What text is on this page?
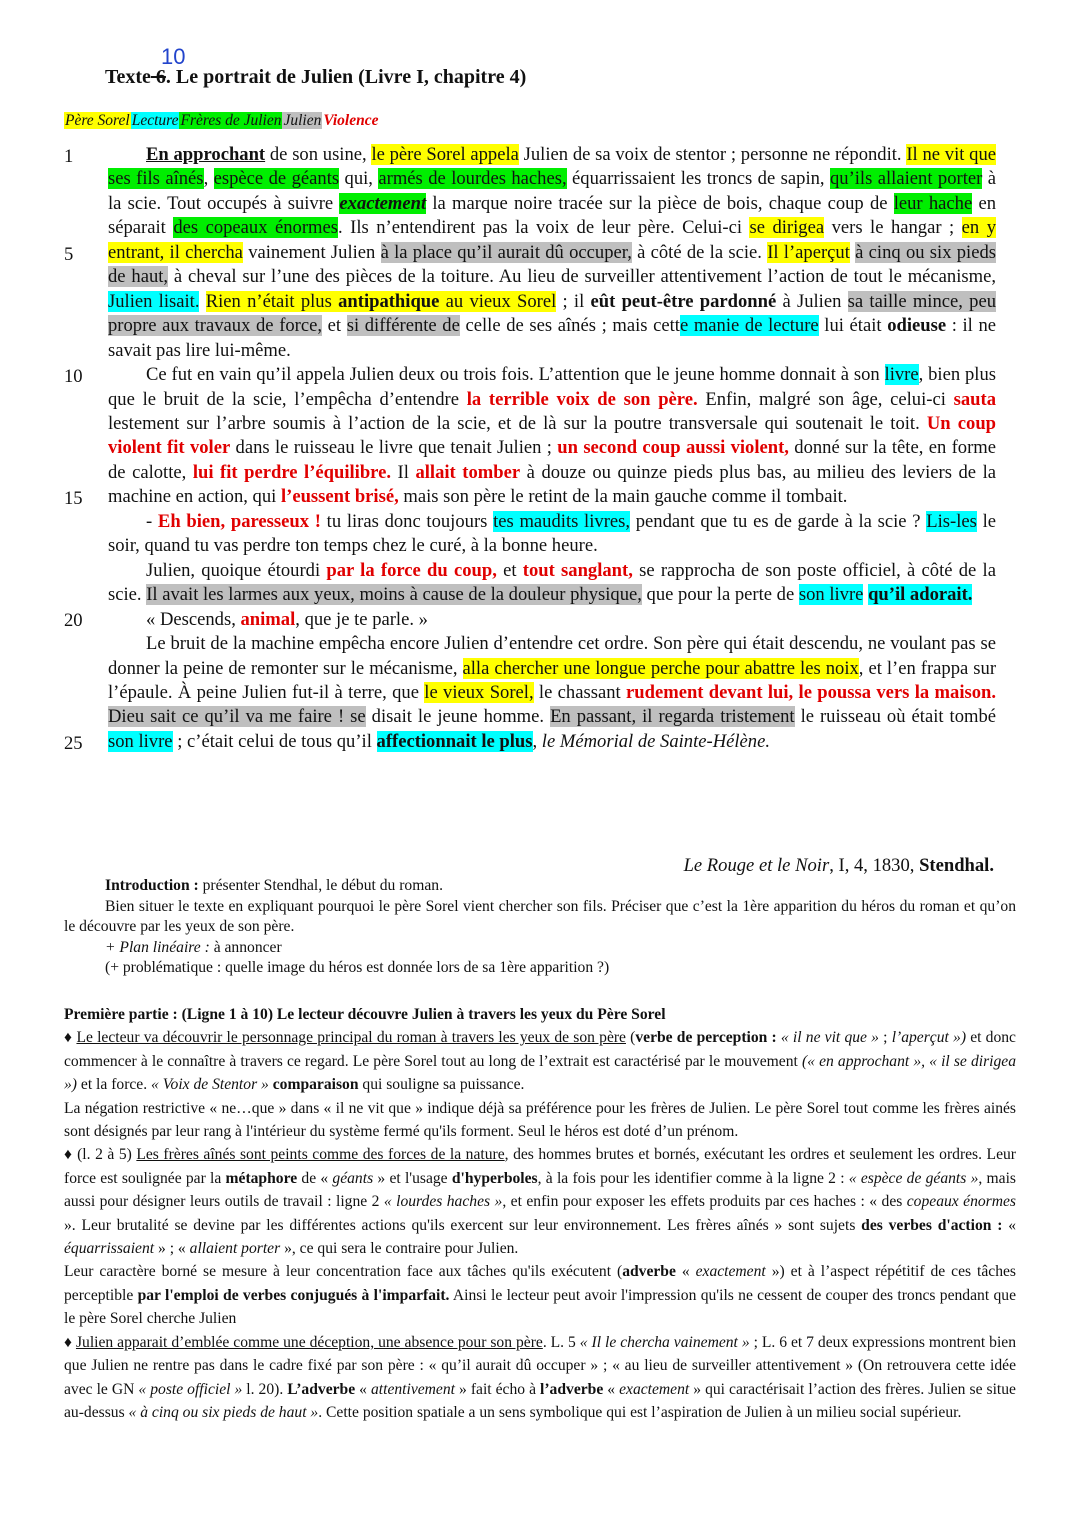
10
Texte 6. Le portrait de Julien (Livre I, chapitre 4)
Père Sorel Lecture Frères de Julien Julien Violence
1
5
10
15
20
25

En approchant de son usine, le père Sorel appela Julien de sa voix de stentor ; personne ne répondit. Il ne vit que ses fils aînés, espèce de géants qui, armés de lourdes haches, équarrissaient les troncs de sapin, qu’ils allaient porter à la scie. Tout occupés à suivre exactement la marque noire tracée sur la pièce de bois, chaque coup de leur hache en séparait des copeaux énormes. Ils n’entendirent pas la voix de leur père. Celui-ci se dirigea vers le hangar ; en y entrant, il chercha vainement Julien à la place qu’il aurait dû occuper, à côté de la scie. Il l’aperçut à cinq ou six pieds de haut, à cheval sur l’une des pièces de la toiture. Au lieu de surveiller attentivement l’action de tout le mécanisme, Julien lisait. Rien n’était plus antipathique au vieux Sorel ; il eût peut-être pardonné à Julien sa taille mince, peu propre aux travaux de force, et si différente de celle de ses aînés ; mais cette manie de lecture lui était odieuse : il ne savait pas lire lui-même.

Ce fut en vain qu’il appela Julien deux ou trois fois. L’attention que le jeune homme donnait à son livre, bien plus que le bruit de la scie, l’empêcha d’entendre la terrible voix de son père. Enfin, malgré son âge, celui-ci sauta lestement sur l’arbre soumis à l’action de la scie, et de là sur la poutre transversale qui soutenait le toit. Un coup violent fit voler dans le ruisseau le livre que tenait Julien ; un second coup aussi violent, donné sur la tête, en forme de calotte, lui fit perdre l’équilibre. Il allait tomber à douze ou quinze pieds plus bas, au milieu des leviers de la machine en action, qui l’eussent brisé, mais son père le retint de la main gauche comme il tombait.

- Eh bien, paresseux ! tu liras donc toujours tes maudits livres, pendant que tu es de garde à la scie ? Lis-les le soir, quand tu vas perdre ton temps chez le curé, à la bonne heure.

Julien, quoique étourdi par la force du coup, et tout sanglant, se rapprocha de son poste officiel, à côté de la scie. Il avait les larmes aux yeux, moins à cause de la douleur physique, que pour la perte de son livre qu’il adorait.

« Descends, animal, que je te parle. »

Le bruit de la machine empêcha encore Julien d’entendre cet ordre. Son père qui était descendu, ne voulant pas se donner la peine de remonter sur le mécanisme, alla chercher une longue perche pour abattre les noix, et l’en frappa sur l’épaule. À peine Julien fut-il à terre, que le vieux Sorel, le chassant rudement devant lui, le poussa vers la maison. Dieu sait ce qu’il va me faire ! se disait le jeune homme. En passant, il regarda tristement le ruisseau où était tombé son livre ; c’était celui de tous qu’il affectionnait le plus, le Mémorial de Sainte-Hélène.

Le Rouge et le Noir, I, 4, 1830, Stendhal.

Introduction : présenter Stendhal, le début du roman.

Bien situer le texte en expliquant pourquoi le père Sorel vient chercher son fils. Préciser que c’est la 1ère apparition du héros du roman et qu’on le découvre par les yeux de son père.

+ Plan linéaire : à annoncer

(+ problématique : quelle image du héros est donnée lors de sa 1ère apparition ?)

Première partie : (Ligne 1 à 10) Le lecteur découvre Julien à travers les yeux du Père Sorel

♦ Le lecteur va découvrir le personnage principal du roman à travers les yeux de son père (verbe de perception : « il ne vit que » ; l’aperçut ») et donc commencer à le connaître à travers ce regard. Le père Sorel tout au long de l’extrait est caractérisé par le mouvement (« en approchant », « il se dirigea ») et la force. « Voix de Stentor » comparaison qui souligne sa puissance.

La négation restrictive « ne…que » dans « il ne vit que » indique déjà sa préférence pour les frères de Julien. Le père Sorel tout comme les frères ainés sont désignés par leur rang à l'intérieur du système fermé qu'ils forment. Seul le héros est doté d’un prénom.

♦ (l. 2 à 5) Les frères aînés sont peints comme des forces de la nature, des hommes brutes et bornés, exécutant les ordres et seulement les ordres. Leur force est soulignée par la métaphore de « géants » et l'usage d'hyperboles, à la fois pour les identifier comme à la ligne 2 : « espèce de géants », mais aussi pour désigner leurs outils de travail : ligne 2 « lourdes haches », et enfin pour exposer les effets produits par ces haches : « des copeaux énormes ». Leur brutalité se devine par les différentes actions qu'ils exercent sur leur environnement. Les frères aînés » sont sujets des verbes d'action : « équarrissaient » ; « allaient porter », ce qui sera le contraire pour Julien.

Leur caractère borné se mesure à leur concentration face aux tâches qu'ils exécutent (adverbe « exactement ») et à l’aspect répétitif de ces tâches perceptible par l'emploi de verbes conjugués à l'imparfait. Ainsi le lecteur peut avoir l'impression qu'ils ne cessent de couper des troncs pendant que le père Sorel cherche Julien

♦ Julien apparait d’emblée comme une déception, une absence pour son père. L. 5 « Il le chercha vainement » ; L. 6 et 7 deux expressions montrent bien que Julien ne rentre pas dans le cadre fixé par son père : « qu’il aurait dû occuper » ; « au lieu de surveiller attentivement » (On retrouvera cette idée avec le GN « poste officiel » l. 20). L’adverbe « attentivement » fait écho à l’adverbe « exactement » qui caractérisait l’action des frères. Julien se situe au-dessus « à cinq ou six pieds de haut ». Cette position spatiale a un sens symbolique qui est l’aspiration de Julien à un milieu social supérieur.
